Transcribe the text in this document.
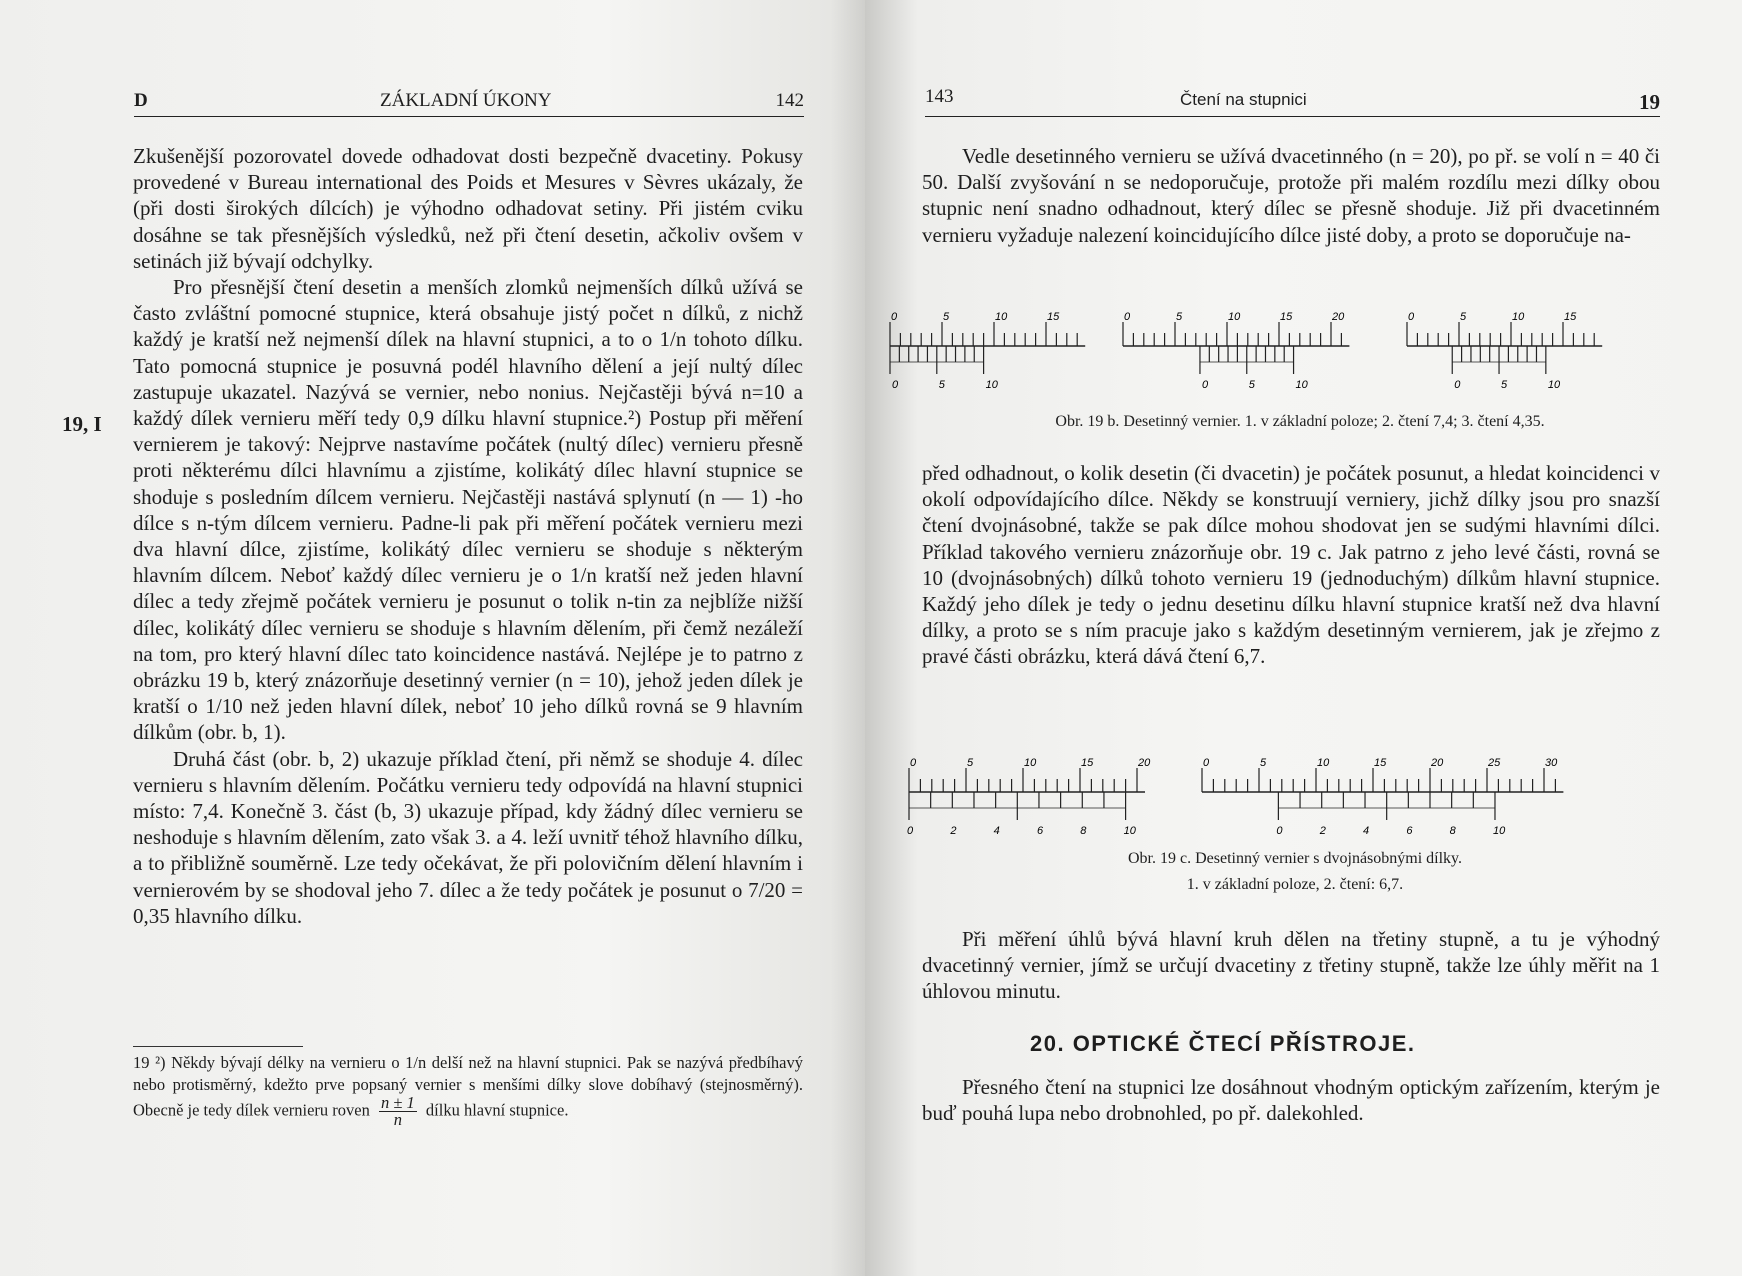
D	ZÁKLADNÍ ÚKONY	142
19, I

Zkušenější pozorovatel dovede odhadovat dosti bezpečně dvacetiny. Pokusy provedené v Bureau international des Poids et Mesures v Sèvres ukázaly, že (při dosti širokých dílcích) je výhodno odhadovat setiny. Při jistém cviku dosáhne se tak přesnějších výsledků, než při čtení desetin, ačkoliv ovšem v setinách již bývají odchylky.

Pro přesnější čtení desetin a menších zlomků nejmenších dílků užívá se často zvláštní pomocné stupnice, která obsahuje jistý počet n dílků, z nichž každý je kratší než nejmenší dílek na hlavní stupnici, a to o 1/n tohoto dílku. Tato pomocná stupnice je posuvná podél hlavního dělení a její nultý dílec zastupuje ukazatel. Nazývá se vernier, nebo nonius. Nejčastěji bývá n=10 a každý dílek vernieru měří tedy 0,9 dílku hlavní stupnice.²) Postup při měření vernierem je takový: Nejprve nastavíme počátek (nultý dílec) vernieru přesně proti některému dílci hlavnímu a zjistíme, kolikátý dílec hlavní stupnice se shoduje s posledním dílcem vernieru. Nejčastěji nastává splynutí (n — 1) -ho dílce s n-tým dílcem vernieru. Padne-li pak při měření počátek vernieru mezi dva hlavní dílce, zjistíme, kolikátý dílec vernieru se shoduje s některým hlavním dílcem. Neboť každý dílec vernieru je o 1/n kratší než jeden hlavní dílec a tedy zřejmě počátek vernieru je posunut o tolik n-tin za nejblíže nižší dílec, kolikátý dílec vernieru se shoduje s hlavním dělením, při čemž nezáleží na tom, pro který hlavní dílec tato koincidence nastává. Nejlépe je to patrno z obrázku 19 b, který znázorňuje desetinný vernier (n = 10), jehož jeden dílek je kratší o 1/10 než jeden hlavní dílek, neboť 10 jeho dílků rovná se 9 hlavním dílkům (obr. b, 1).

Druhá část (obr. b, 2) ukazuje příklad čtení, při němž se shoduje 4. dílec vernieru s hlavním dělením. Počátku vernieru tedy odpovídá na hlavní stupnici místo: 7,4. Konečně 3. část (b, 3) ukazuje případ, kdy žádný dílec vernieru se neshoduje s hlavním dělením, zato však 3. a 4. leží uvnitř téhož hlavního dílku, a to přibližně souměrně. Lze tedy očekávat, že při polovičním dělení hlavním i vernierovém by se shodoval jeho 7. dílec a že tedy počátek je posunut o 7/20 = 0,35 hlavního dílku.

19 ²) Někdy bývají délky na vernieru o 1/n delší než na hlavní stupnici. Pak se nazývá předbíhavý nebo protisměrný, kdežto prve popsaný vernier s menšími dílky slove dobíhavý (stejnosměrný). Obecně je tedy dílek vernieru roven $\frac{n \pm 1}{n}$ dílku hlavní stupnice.
143	Čtení na stupnici	19

Vedle desetinného vernieru se užívá dvacetinného (n = 20), po př. se volí n = 40 či 50. Další zvyšování n se nedoporučuje, protože při malém rozdílu mezi dílky obou stupnic není snadno odhadnout, který dílec se přesně shoduje. Již při dvacetinném vernieru vyžaduje nalezení koincidujícího dílce jisté doby, a proto se doporučuje na-

0	5	10	15
0	5	10
0	5	10	15	20
0	5	10
0	5	10	15
0	5	10
Obr. 19 b. Desetinný vernier. 1. v základní poloze; 2. čtení 7,4; 3. čtení 4,35.

před odhadnout, o kolik desetin (či dvacetin) je počátek posunut, a hledat koincidenci v okolí odpovídajícího dílce. Někdy se konstruují verniery, jichž dílky jsou pro snazší čtení dvojnásobné, takže se pak dílce mohou shodovat jen se sudými hlavními dílci. Příklad takového vernieru znázorňuje obr. 19 c. Jak patrno z jeho levé části, rovná se 10 (dvojnásobných) dílků tohoto vernieru 19 (jednoduchým) dílkům hlavní stupnice. Každý jeho dílek je tedy o jednu desetinu dílku hlavní stupnice kratší než dva hlavní dílky, a proto se s ním pracuje jako s každým desetinným vernierem, jak je zřejmo z pravé části obrázku, která dává čtení 6,7.

0	5	10	15	20
0	2	4	6	8	10
0	5	10	15	20	25	30
0	2	4	6	8	10
Obr. 19 c. Desetinný vernier s dvojnásobnými dílky.
1. v základní poloze, 2. čtení: 6,7.

Při měření úhlů bývá hlavní kruh dělen na třetiny stupně, a tu je výhodný dvacetinný vernier, jímž se určují dvacetiny z třetiny stupně, takže lze úhly měřit na 1 úhlovou minutu.

20. OPTICKÉ ČTECÍ PŘÍSTROJE.

Přesného čtení na stupnici lze dosáhnout vhodným optickým zařízením, kterým je buď pouhá lupa nebo drobnohled, po př. dalekohled.
